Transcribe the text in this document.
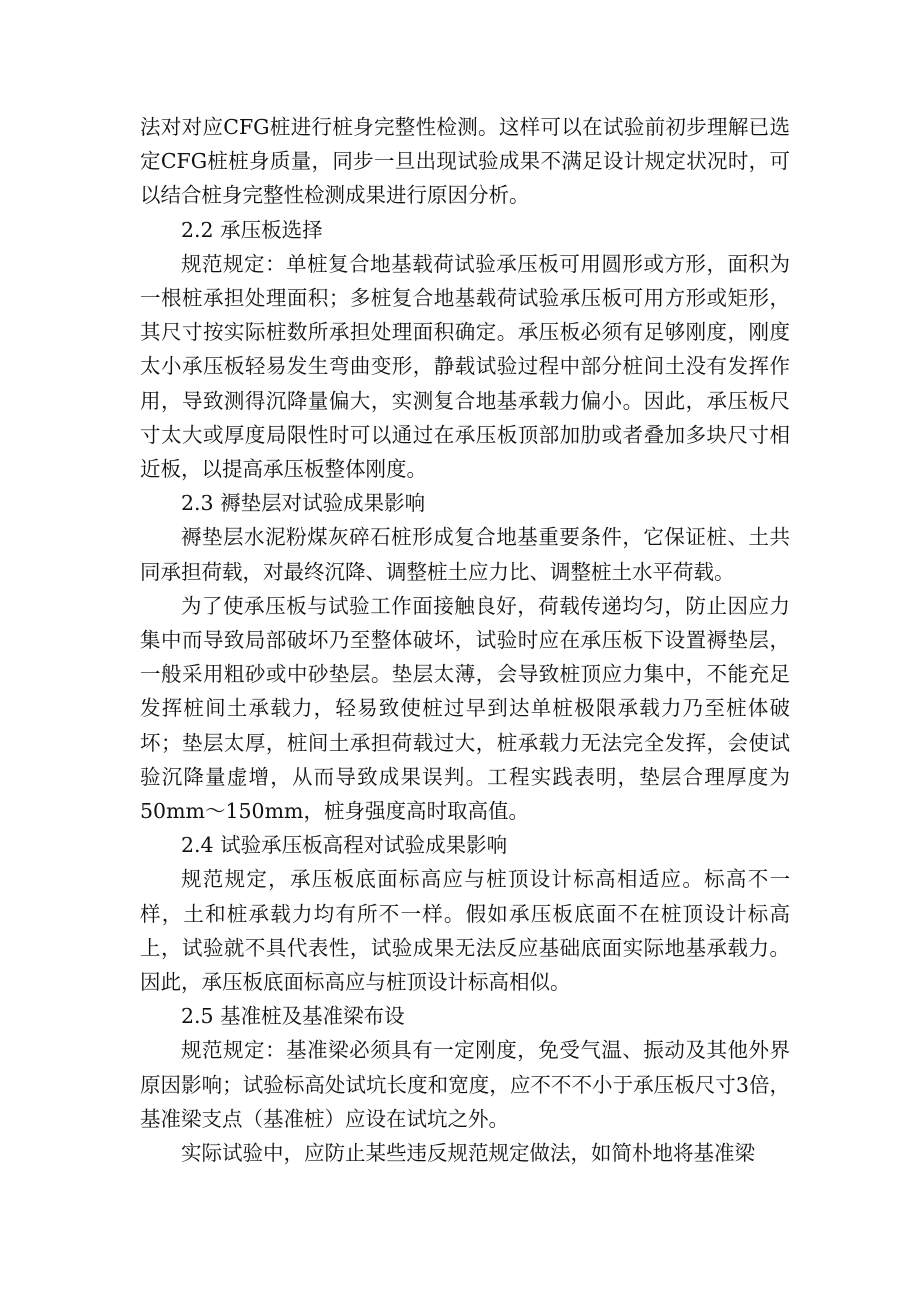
法对对应CFG桩进行桩身完整性检测。这样可以在试验前初步理解已选定CFG桩桩身质量，同步一旦出现试验成果不满足设计规定状况时，可以结合桩身完整性检测成果进行原因分析。

2.2 承压板选择

规范规定：单桩复合地基载荷试验承压板可用圆形或方形，面积为一根桩承担处理面积；多桩复合地基载荷试验承压板可用方形或矩形，其尺寸按实际桩数所承担处理面积确定。承压板必须有足够刚度，刚度太小承压板轻易发生弯曲变形，静载试验过程中部分桩间土没有发挥作用，导致测得沉降量偏大，实测复合地基承载力偏小。因此，承压板尺寸太大或厚度局限性时可以通过在承压板顶部加肋或者叠加多块尺寸相近板，以提高承压板整体刚度。

2.3 褥垫层对试验成果影响

褥垫层水泥粉煤灰碎石桩形成复合地基重要条件，它保证桩、土共同承担荷载，对最终沉降、调整桩土应力比、调整桩土水平荷载。

为了使承压板与试验工作面接触良好，荷载传递均匀，防止因应力集中而导致局部破坏乃至整体破坏，试验时应在承压板下设置褥垫层，一般采用粗砂或中砂垫层。垫层太薄，会导致桩顶应力集中，不能充足发挥桩间土承载力，轻易致使桩过早到达单桩极限承载力乃至桩体破坏；垫层太厚，桩间土承担荷载过大，桩承载力无法完全发挥，会使试验沉降量虚增，从而导致成果误判。工程实践表明，垫层合理厚度为50mm～150mm，桩身强度高时取高值。

2.4 试验承压板高程对试验成果影响

规范规定，承压板底面标高应与桩顶设计标高相适应。标高不一样，土和桩承载力均有所不一样。假如承压板底面不在桩顶设计标高上，试验就不具代表性，试验成果无法反应基础底面实际地基承载力。因此，承压板底面标高应与桩顶设计标高相似。

2.5 基准桩及基准梁布设

规范规定：基准梁必须具有一定刚度，免受气温、振动及其他外界原因影响；试验标高处试坑长度和宽度，应不不不小于承压板尺寸3倍，基准梁支点（基准桩）应设在试坑之外。

实际试验中，应防止某些违反规范规定做法，如简朴地将基准梁
